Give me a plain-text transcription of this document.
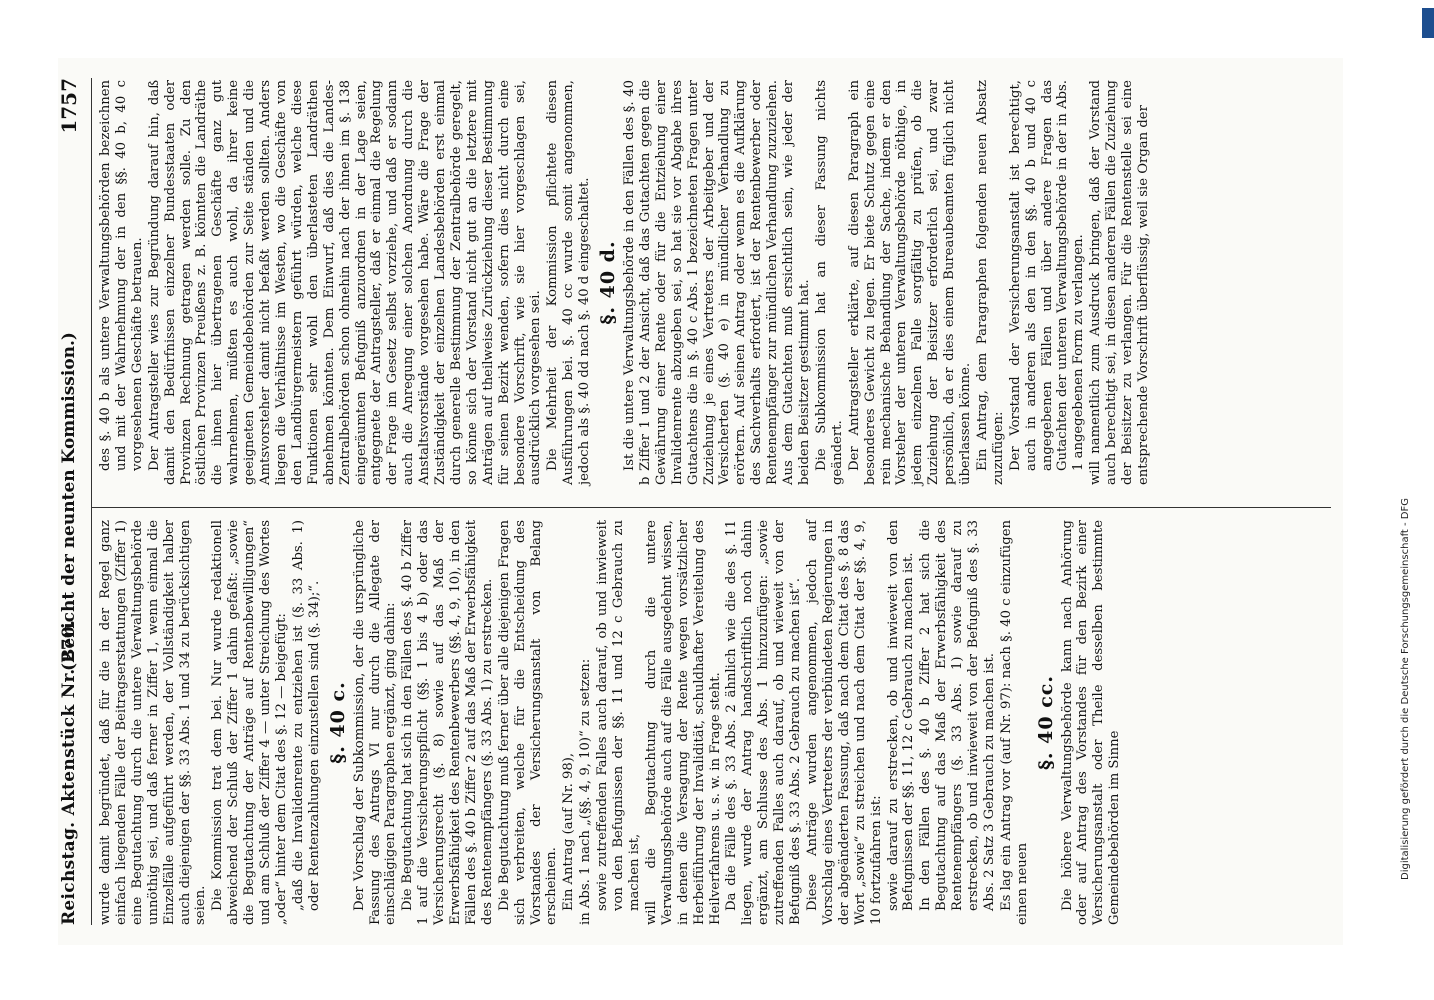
Reichstag. Aktenstück Nr. 270.
(Bericht der neunten Kommission.)
1757

wurde damit begründet, daß für die in der Regel ganz einfach liegenden Fälle der Beitragserstattungen (Ziffer 1) eine Begutachtung durch die untere Verwaltungsbehörde unnöthig sei, und daß ferner in Ziffer 1, wenn einmal die Einzelfälle aufgeführt werden, der Vollständigkeit halber auch diejenigen der §§. 33 Abs. 1 und 34 zu berücksichtigen seien. Die Kommission trat dem bei. Nur wurde redaktionell abweichend der Schluß der Ziffer 1 dahin gefaßt: „sowie die Begutachtung der Anträge auf Rentenbewilligungen“ und am Schluß der Ziffer 4 — unter Streichung des Wortes „oder“ hinter dem Citat des §. 12 — beigefügt: „daß die Invalidenrente zu entziehen ist (§. 33 Abs. 1) oder Rentenzahlungen einzustellen sind (§. 34);“. §. 40 c. Der Vorschlag der Subkommission, der die ursprüngliche Fassung des Antrags VI nur durch die Allegate der einschlägigen Paragraphen ergänzt, ging dahin: Die Begutachtung hat sich in den Fällen des §. 40 b Ziffer 1 auf die Versicherungspflicht (§§. 1 bis 4 b) oder das Versicherungsrecht (§. 8) sowie auf das Maß der Erwerbsfähigkeit des Rentenbewerbers (§§. 4, 9, 10), in den Fällen des §. 40 b Ziffer 2 auf das Maß der Erwerbsfähigkeit des Rentenempfängers (§. 33 Abs. 1) zu erstrecken. Die Begutachtung muß ferner über alle diejenigen Fragen sich verbreiten, welche für die Entscheidung des Vorstandes der Versicherungsanstalt von Belang erscheinen. Ein Antrag (auf Nr. 98), in Abs. 1 nach „(§§. 4, 9, 10)“ zu setzen: sowie zutreffenden Falles auch darauf, ob und inwieweit von den Befugnissen der §§. 11 und 12 c Gebrauch zu machen ist, will die Begutachtung durch die untere Verwaltungsbehörde auch auf die Fälle ausgedehnt wissen, in denen die Versagung der Rente wegen vorsätzlicher Herbeiführung der Invalidität, schuldhafter Vereitelung des Heilverfahrens u. s. w. in Frage steht. Da die Fälle des §. 33 Abs. 2 ähnlich wie die des §. 11 liegen, wurde der Antrag handschriftlich noch dahin ergänzt, am Schlusse des Abs. 1 hinzuzufügen: „sowie zutreffenden Falles auch darauf, ob und wieweit von der Befugniß des §. 33 Abs. 2 Gebrauch zu machen ist“. Diese Anträge wurden angenommen, jedoch auf Vorschlag eines Vertreters der verbündeten Regierungen in der abgeänderten Fassung, daß nach dem Citat des §. 8 das Wort „sowie“ zu streichen und nach dem Citat der §§. 4, 9, 10 fortzufahren ist: sowie darauf zu erstrecken, ob und inwieweit von den Befugnissen der §§. 11, 12 c Gebrauch zu machen ist. In den Fällen des §. 40 b Ziffer 2 hat sich die Begutachtung auf das Maß der Erwerbsfähigkeit des Rentenempfängers (§. 33 Abs. 1) sowie darauf zu erstrecken, ob und inwieweit von der Befugniß des §. 33 Abs. 2 Satz 3 Gebrauch zu machen ist. Es lag ein Antrag vor (auf Nr. 97): nach §. 40 c einzufügen einen neuen

§. 40 cc. Die höhere Verwaltungsbehörde kann nach Anhörung oder auf Antrag des Vorstandes für den Bezirk einer Versicherungsanstalt oder Theile desselben bestimmte Gemeindebehörden im Sinne

des §. 40 b als untere Verwaltungsbehörden bezeichnen und mit der Wahrnehmung der in den §§. 40 b, 40 c vorgesehenen Geschäfte betrauen. Der Antragsteller wies zur Begründung darauf hin, daß damit den Bedürfnissen einzelner Bundesstaaten oder Provinzen Rechnung getragen werden solle. Zu den östlichen Provinzen Preußens z. B. könnten die Landräthe die ihnen hier übertragenen Geschäfte ganz gut wahrnehmen, müßten es auch wohl, da ihrer keine geeigneten Gemeindebehörden zur Seite ständen und die Amtsvorsteher damit nicht befaßt werden sollten. Anders liegen die Verhältnisse im Westen, wo die Geschäfte von den Landbürgermeistern geführt würden, welche diese Funktionen sehr wohl den überlasteten Landräthen abnehmen könnten. Dem Einwurf, daß dies die Landes-Zentralbehörden schon ohnehin nach der ihnen im §. 138 eingeräumten Befugniß anzuordnen in der Lage seien, entgegnete der Antragsteller, daß er einmal die Regelung der Frage im Gesetz selbst vorziehe, und daß er sodann auch die Anregung einer solchen Anordnung durch die Anstaltsvorstände vorgesehen habe. Wäre die Frage der Zuständigkeit der einzelnen Landesbehörden erst einmal durch generelle Bestimmung der Zentralbehörde geregelt, so könne sich der Vorstand nicht gut an die letztere mit Anträgen auf theilweise Zurückziehung dieser Bestimmung für seinen Bezirk wenden, sofern dies nicht durch eine besondere Vorschrift, wie sie hier vorgeschlagen sei, ausdrücklich vorgesehen sei. Die Mehrheit der Kommission pflichtete diesen Ausführungen bei. §. 40 cc wurde somit angenommen, jedoch als §. 40 dd nach §. 40 d eingeschaltet. §. 40 d. Ist die untere Verwaltungsbehörde in den Fällen des §. 40 b Ziffer 1 und 2 der Ansicht, daß das Gutachten gegen die Gewährung einer Rente oder für die Entziehung einer Invalidenrente abzugeben sei, so hat sie vor Abgabe ihres Gutachtens die in §. 40 c Abs. 1 bezeichneten Fragen unter Zuziehung je eines Vertreters der Arbeitgeber und der Versicherten (§. 40 e) in mündlicher Verhandlung zu erörtern. Auf seinen Antrag oder wenn es die Aufklärung des Sachverhalts erfordert, ist der Rentenbewerber oder Rentenempfänger zur mündlichen Verhandlung zuzuziehen. Aus dem Gutachten muß ersichtlich sein, wie jeder der beiden Beisitzer gestimmt hat. Die Subkommission hat an dieser Fassung nichts geändert. Der Antragsteller erklärte, auf diesen Paragraph ein besonderes Gewicht zu legen. Er biete Schutz gegen eine rein mechanische Behandlung der Sache, indem er den Vorsteher der unteren Verwaltungsbehörde nöthige, in jedem einzelnen Falle sorgfältig zu prüfen, ob die Zuziehung der Beisitzer erforderlich sei, und zwar persönlich, da er dies einem Bureaubeamten füglich nicht überlassen könne. Ein Antrag, dem Paragraphen folgenden neuen Absatz zuzufügen: Der Vorstand der Versicherungsanstalt ist berechtigt, auch in anderen als den in den §§. 40 b und 40 c angegebenen Fällen und über andere Fragen das Gutachten der unteren Verwaltungsbehörde in der in Abs. 1 angegebenen Form zu verlangen. will namentlich zum Ausdruck bringen, daß der Vorstand auch berechtigt sei, in diesen anderen Fällen die Zuziehung der Beisitzer zu verlangen. Für die Rentenstelle sei eine entsprechende Vorschrift überflüssig, weil sie Organ der

Digitalisierung gefördert durch die Deutsche Forschungsgemeinschaft - DFG
